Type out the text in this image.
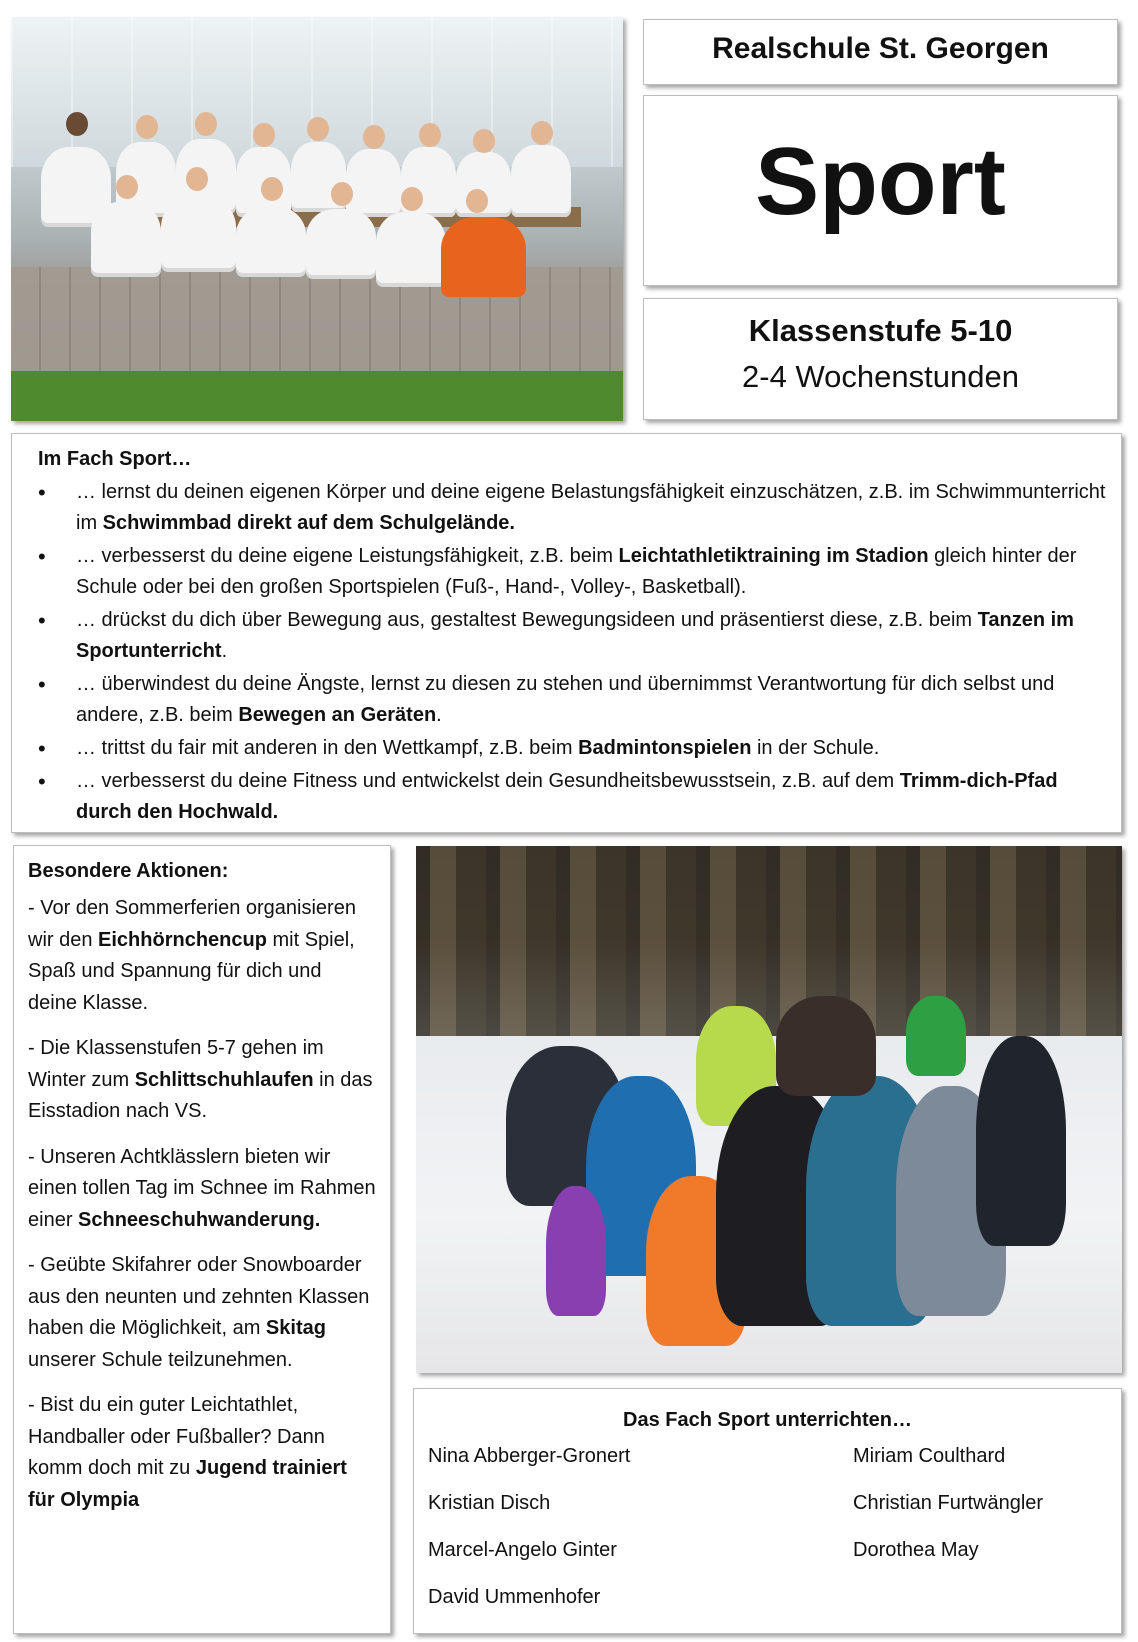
Realschule St. Georgen
Sport
Klassenstufe 5-10
2-4 Wochenstunden
Im Fach Sport…
• … lernst du deinen eigenen Körper und deine eigene Belastungsfähigkeit einzuschätzen, z.B. im Schwimmunterricht im Schwimmbad direkt auf dem Schulgelände.
• … verbesserst du deine eigene Leistungsfähigkeit, z.B. beim Leichtathletiktraining im Stadion gleich hinter der Schule oder bei den großen Sportspielen (Fuß-, Hand-, Volley-, Basketball).
• … drückst du dich über Bewegung aus, gestaltest Bewegungsideen und präsentierst diese, z.B. beim Tanzen im Sportunterricht.
• … überwindest du deine Ängste, lernst zu diesen zu stehen und übernimmst Verantwortung für dich selbst und andere, z.B. beim Bewegen an Geräten.
• … trittst du fair mit anderen in den Wettkampf, z.B. beim Badmintonspielen in der Schule.
• … verbesserst du deine Fitness und entwickelst dein Gesundheitsbewusstsein, z.B. auf dem Trimm-dich-Pfad durch den Hochwald.
Besondere Aktionen:

- Vor den Sommerferien organisieren wir den Eichhörnchencup mit Spiel, Spaß und Spannung für dich und deine Klasse.

- Die Klassenstufen 5-7 gehen im Winter zum Schlittschuhlaufen in das Eisstadion nach VS.

- Unseren Achtklässlern bieten wir einen tollen Tag im Schnee im Rahmen einer Schneeschuhwanderung.

- Geübte Skifahrer oder Snowboarder aus den neunten und zehnten Klassen haben die Möglichkeit, am Skitag unserer Schule teilzunehmen.

- Bist du ein guter Leichtathlet, Handballer oder Fußballer? Dann komm doch mit zu Jugend trainiert für Olympia

Das Fach Sport unterrichten…
Nina Abberger-Gronert
Kristian Disch
Marcel-Angelo Ginter
David Ummenhofer
Miriam Coulthard
Christian Furtwängler
Dorothea May
